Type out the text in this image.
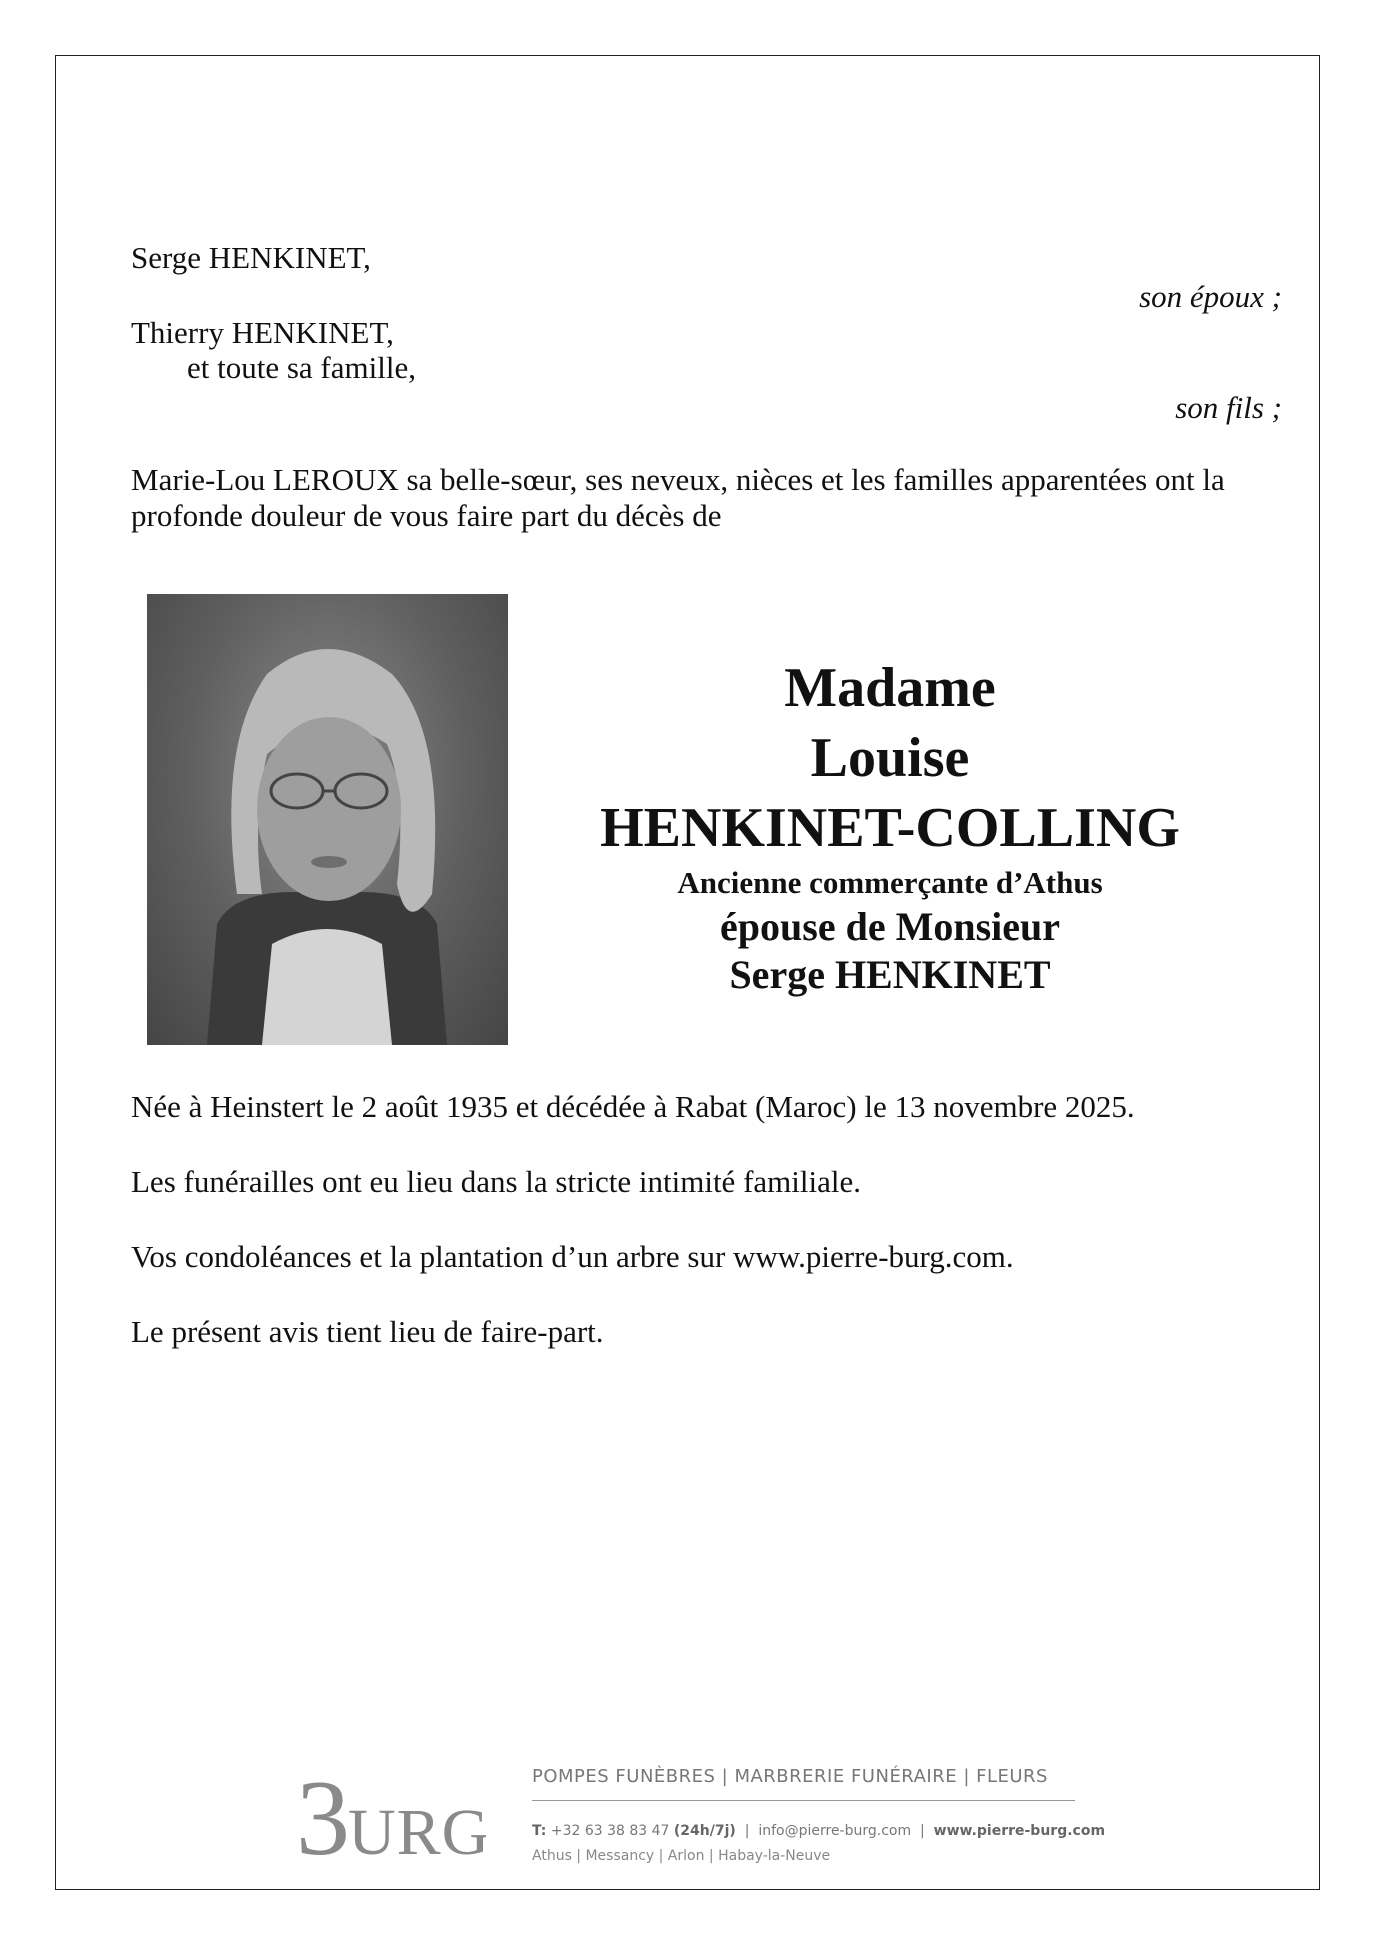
Serge HENKINET,
son époux ;
Thierry HENKINET,
et toute sa famille,
son fils ;
Marie-Lou LEROUX sa belle-sœur, ses neveux, nièces et les familles apparentées ont la profonde douleur de vous faire part du décès de
Madame
Louise
HENKINET-COLLING
Ancienne commerçante d’Athus
épouse de Monsieur
Serge HENKINET
Née à Heinstert le 2 août 1935 et décédée à Rabat (Maroc) le 13 novembre 2025.
Les funérailles ont eu lieu dans la stricte intimité familiale.
Vos condoléances et la plantation d’un arbre sur www.pierre-burg.com.
Le présent avis tient lieu de faire-part.
3
URG
POMPES FUNÈBRES | MARBRERIE FUNÉRAIRE | FLEURS
T: +32 63 38 83 47 (24h/7j)  |  info@pierre-burg.com  |  www.pierre-burg.com
Athus | Messancy | Arlon | Habay-la-Neuve
